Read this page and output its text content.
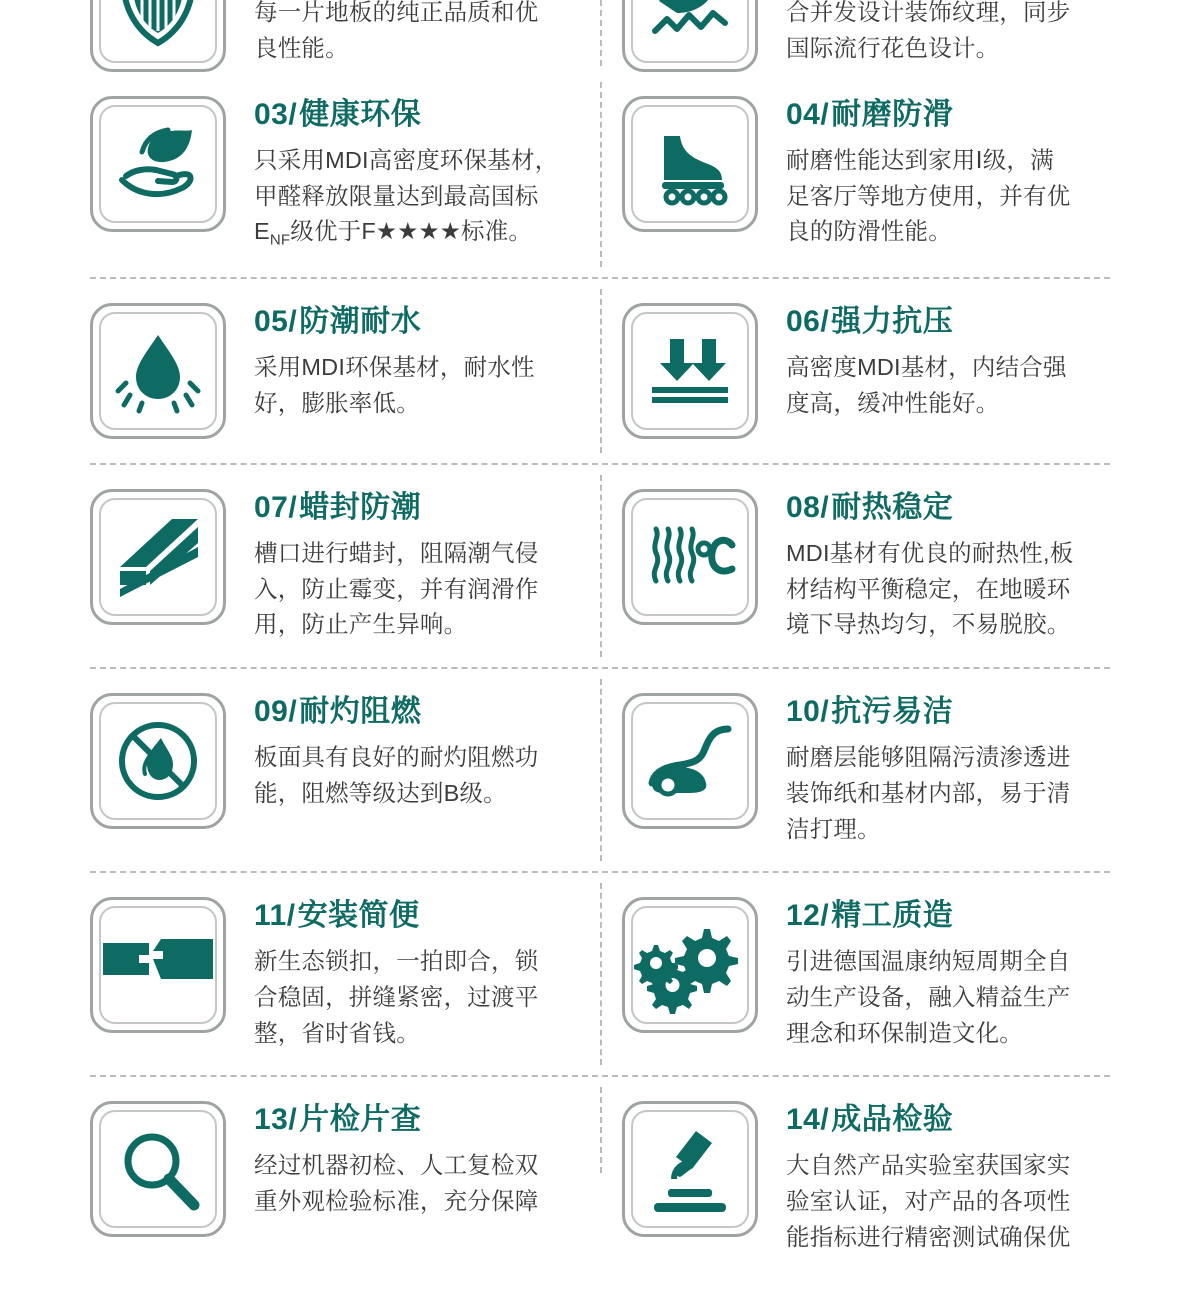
每一片地板的纯正品质和优
良性能。
合并发设计装饰纹理，同步
国际流行花色设计。
03/健康环保
只采用MDI高密度环保基材，
甲醛释放限量达到最高国标
$E_{NF}$级优于F★★★★标准。
04/耐磨防滑
耐磨性能达到家用Ⅰ级，满
足客厅等地方使用，并有优
良的防滑性能。
05/防潮耐水
采用MDI环保基材，耐水性
好，膨胀率低。
06/强力抗压
高密度MDI基材，内结合强
度高，缓冲性能好。
07/蜡封防潮
槽口进行蜡封，阻隔潮气侵
入，防止霉变，并有润滑作
用，防止产生异响。
08/耐热稳定
MDI基材有优良的耐热性,板
材结构平衡稳定，在地暖环
境下导热均匀，不易脱胶。
09/耐灼阻燃
板面具有良好的耐灼阻燃功
能，阻燃等级达到B级。
10/抗污易洁
耐磨层能够阻隔污渍渗透进
装饰纸和基材内部，易于清
洁打理。
11/安装简便
新生态锁扣，一拍即合，锁
合稳固，拼缝紧密，过渡平
整，省时省钱。
12/精工质造
引进德国温康纳短周期全自
动生产设备，融入精益生产
理念和环保制造文化。
13/片检片查
经过机器初检、人工复检双
重外观检验标准，充分保障
14/成品检验
大自然产品实验室获国家实
验室认证，对产品的各项性
能指标进行精密测试确保优
